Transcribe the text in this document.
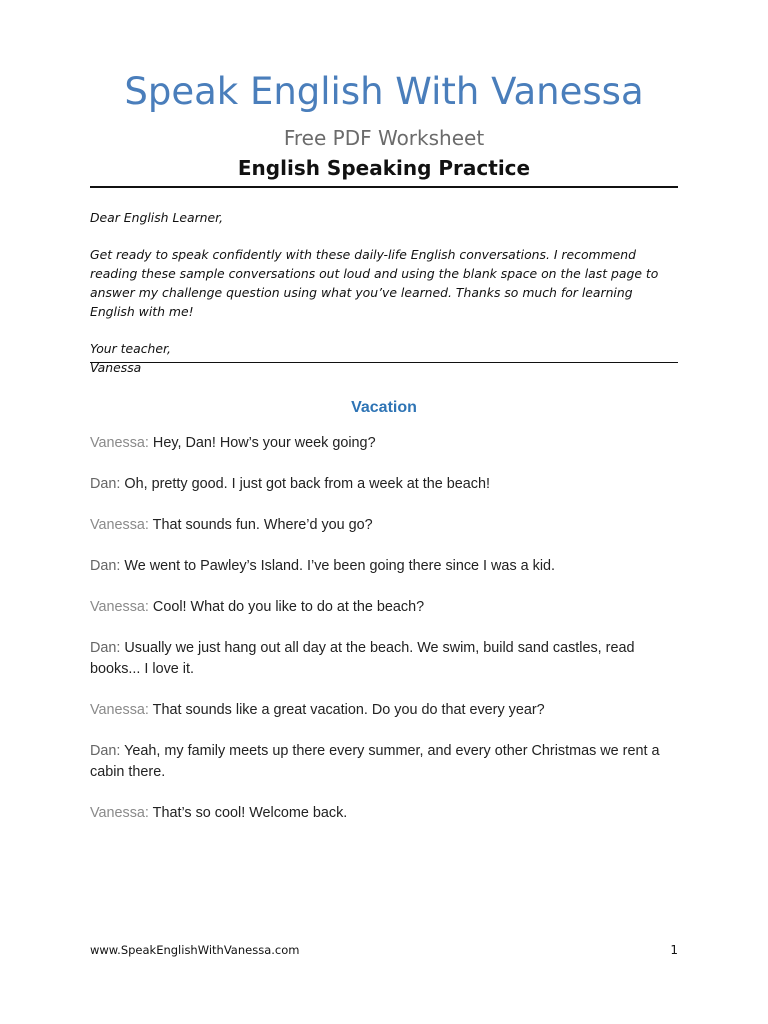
Speak English With Vanessa
Free PDF Worksheet
English Speaking Practice

Dear English Learner,

Get ready to speak confidently with these daily-life English conversations. I recommend reading these sample conversations out loud and using the blank space on the last page to answer my challenge question using what you’ve learned. Thanks so much for learning English with me!

Your teacher,

Vanessa

Vacation

Vanessa: Hey, Dan! How’s your week going?

Dan: Oh, pretty good. I just got back from a week at the beach!

Vanessa: That sounds fun. Where’d you go?

Dan: We went to Pawley’s Island. I’ve been going there since I was a kid.

Vanessa: Cool! What do you like to do at the beach?

Dan: Usually we just hang out all day at the beach. We swim, build sand castles, read books... I love it.

Vanessa: That sounds like a great vacation. Do you do that every year?

Dan: Yeah, my family meets up there every summer, and every other Christmas we rent a cabin there.

Vanessa: That’s so cool! Welcome back.

www.SpeakEnglishWithVanessa.com	1
